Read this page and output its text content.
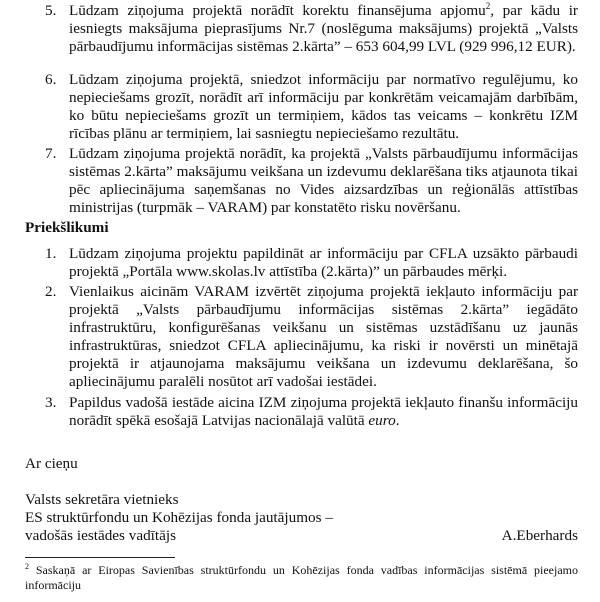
5. Lūdzam ziņojuma projektā norādīt korektu finansējuma apjomu$^2$, par kādu ir iesniegts maksājuma pieprasījums Nr.7 (noslēguma maksājums) projektā „Valsts pārbaudījumu informācijas sistēmas 2.kārta” – 653 604,99 LVL (929 996,12 EUR).
6. Lūdzam ziņojuma projektā, sniedzot informāciju par normatīvo regulējumu, ko nepieciešams grozīt, norādīt arī informāciju par konkrētām veicamajām darbībām, ko būtu nepieciešams grozīt un termiņiem, kādos tas veicams – konkrētu IZM rīcības plānu ar termiņiem, lai sasniegtu nepieciešamo rezultātu.
7. Lūdzam ziņojuma projektā norādīt, ka projektā „Valsts pārbaudījumu informācijas sistēmas 2.kārta” maksājumu veikšana un izdevumu deklarēšana tiks atjaunota tikai pēc apliecinājuma saņemšanas no Vides aizsardzības un reģionālās attīstības ministrijas (turpmāk – VARAM) par konstatēto risku novēršanu.
Priekšlikumi
1. Lūdzam ziņojuma projektu papildināt ar informāciju par CFLA uzsākto pārbaudi projektā „Portāla www.skolas.lv attīstība (2.kārta)” un pārbaudes mērķi.
2. Vienlaikus aicinām VARAM izvērtēt ziņojuma projektā iekļauto informāciju par projektā „Valsts pārbaudījumu informācijas sistēmas 2.kārta” iegādāto infrastruktūru, konfigurēšanas veikšanu un sistēmas uzstādīšanu uz jaunās infrastruktūras, sniedzot CFLA apliecinājumu, ka riski ir novērsti un minētajā projektā ir atjaunojama maksājumu veikšana un izdevumu deklarēšana, šo apliecinājumu paralēli nosūtot arī vadošai iestādei.
3. Papildus vadošā iestāde aicina IZM ziņojuma projektā iekļauto finanšu informāciju norādīt spēkā esošajā Latvijas nacionālajā valūtā euro.
Ar cieņu
Valsts sekretāra vietnieks
ES struktūrfondu un Kohēzijas fonda jautājumos –
vadošās iestādes vadītājs	A.Eberhards
$^2$ Saskaņā ar Eiropas Savienības struktūrfondu un Kohēzijas fonda vadības informācijas sistēmā pieejamo informāciju
